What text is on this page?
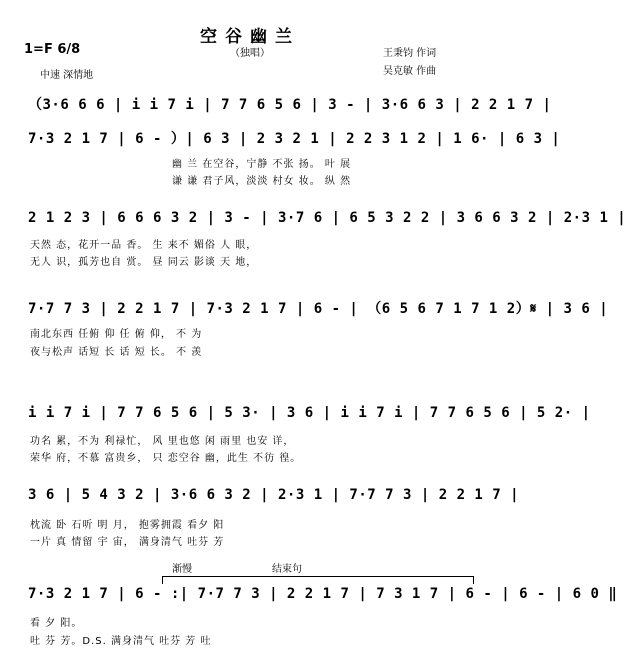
空谷幽兰
（独唱）
1=F 6/8
中速 深情地
王秉钧 作词
吴克敏 作曲
（3·6 6 6 | i i 7 i | 7 7 6 5 6 | 3 - | 3·6 6 3 | 2 2 1 7 |
7·3 2 1 7 | 6 - ）| 6 3 | 2 3 2 1 | 2 2 3 1 2 | 1 6· | 6 3 |
幽 兰 在空谷，宁静 不张 扬。 叶 展
谦 谦 君子风，淡淡 村女 妆。 纵 然
2 1 2 3 | 6 6 6 3 2 | 3 - | 3·7 6 | 6 5 3 2 2 | 3 6 6 3 2 | 2·3 1 |
天然 态，花开一品 香。 生 来不 媚俗 人 眼，
无人 识，孤芳也自 赏。 昼 同云 影谈 天 地，
7·7 7 3 | 2 2 1 7 | 7·3 2 1 7 | 6 - | （6 5 6 7 1 7 1 2）𝄋 | 3 6 |
南北东西 任俯 仰 任 俯 仰， 不 为
夜与松声 话短 长 话 短 长。 不 羡
i i 7 i | 7 7 6 5 6 | 5 3· | 3 6 | i i 7 i | 7 7 6 5 6 | 5 2· |
功名 累，不为 利禄忙， 风 里也悠 闲 雨里 也安 详，
荣华 府，不慕 富贵乡， 只 恋空谷 幽，此生 不彷 徨。
3 6 | 5 4 3 2 | 3·6 6 3 2 | 2·3 1 | 7·7 7 3 | 2 2 1 7 |
枕流 卧 石听 明 月， 抱雾拥霞 看夕 阳
一片 真 情留 宇 宙， 满身清气 吐芬 芳
渐慢	结束句
7·3 2 1 7 | 6 - :| 7·7 7 3 | 2 2 1 7 | 7 3 1 7 | 6 - | 6 - | 6 0 ‖
看 夕 阳。
吐 芬 芳。D.S. 满身清气 吐芬 芳 吐
